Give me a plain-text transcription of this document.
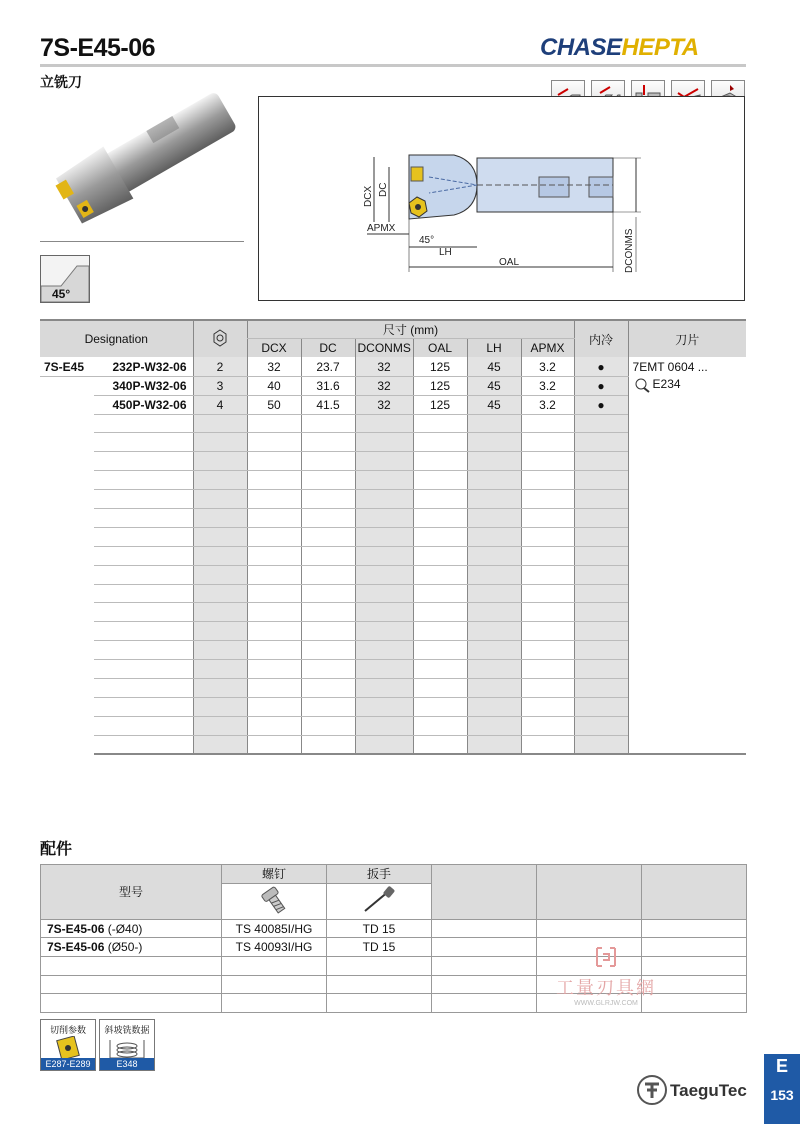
7S-E45-06
立铣刀
CHASEHEPTA
45°
DCX DC
APMX
45°
LH
OAL	DCONMS
Designation			尺寸 (mm)						内冷	刀片
			DCX	DC	DCONMS	OAL	LH	APMX		
7S-E45	232P-W32-06	2	32	23.7	32	125	45	3.2	●	7EMT 0604 ...
E234

	340P-W32-06	3	40	31.6	32	125	45	3.2	●	
	450P-W32-06	4	50	41.5	32	125	45	3.2	●	

配件
型号	螺钉	扳手			

7S-E45-06 (-Ø40)	TS 40085I/HG	TD 15			
7S-E45-06 (Ø50-)	TS 40093I/HG	TD 15			

工量刃具網
WWW.GLRJW.COM
切削参数
E287-E289
斜坡铣数据
E348
TaeguTec
E
153
